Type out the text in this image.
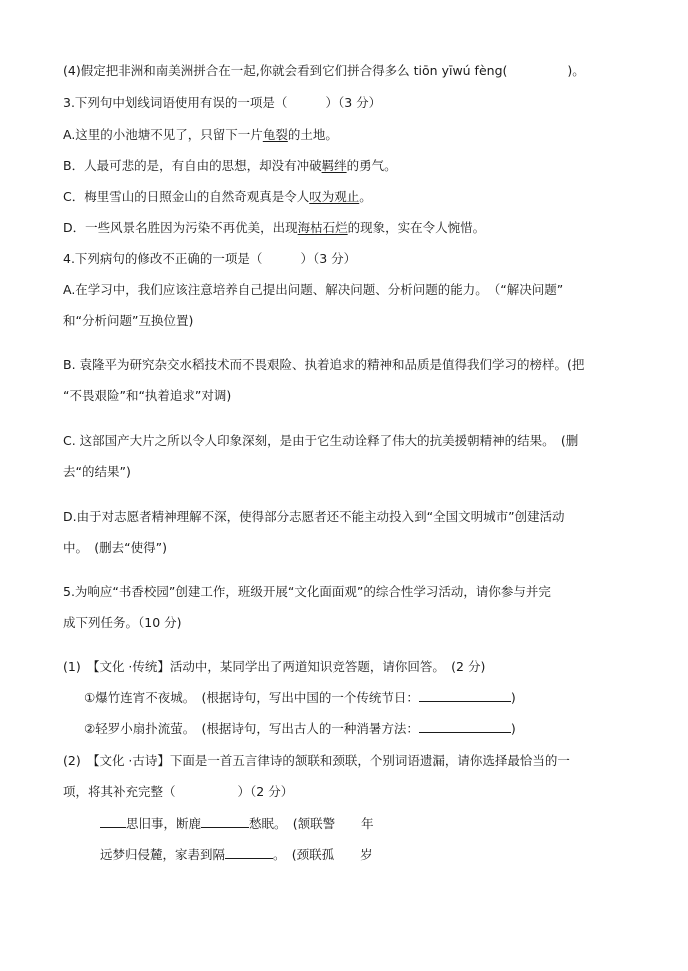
(4)假定把非洲和南美洲拼合在一起,你就会看到它们拼合得多么 tiōn yīwú fèng(	)。
3.下列句中划线词语使用有误的一项是（	）（3 分）
A.这里的小池塘不见了，只留下一片龟裂的土地。
B．人最可悲的是，有自由的思想，却没有冲破羁绊的勇气。
C．梅里雪山的日照金山的自然奇观真是令人叹为观止。
D．一些风景名胜因为污染不再优美，出现海枯石烂的现象，实在令人惋惜。
4.下列病句的修改不正确的一项是（	）（3 分）
A.在学习中，我们应该注意培养自己提出问题、解决问题、分析问题的能力。　（“解决问题”
和“分析问题”互换位置)
B. 袁隆平为研究杂交水稻技术而不畏艰险、执着追求的精神和品质是值得我们学习的榜样。(把
“不畏艰险”和“执着追求”对调)
C. 这部国产大片之所以令人印象深刻，是由于它生动诠释了伟大的抗美援朝精神的结果。　(删
去“的结果”)
D.由于对志愿者精神理解不深，使得部分志愿者还不能主动投入到“全国文明城市”创建活动
中。　(删去“使得”)
5.为响应“书香校园”创建工作，班级开展“文化面面观”的综合性学习活动，请你参与并完
成下列任务。（10 分)
(1)　【文化 ·传统】活动中，某同学出了两道知识竞答题，请你回答。　(2 分)
①爆竹连宵不夜城。　(根据诗句，写出中国的一个传统节日：	)
②轻罗小扇扑流萤。　(根据诗句，写出古人的一种消暑方法：	)
(2)　【文化 ·古诗】下面是一首五言律诗的颔联和颈联，个别词语遗漏，请你选择最恰当的一
项，将其补充完整（	）（2 分）
思旧事，断鹿	愁眠。　(颔联警 年
远梦归侵麓，家砉到隔	。　(颈联孤 岁
